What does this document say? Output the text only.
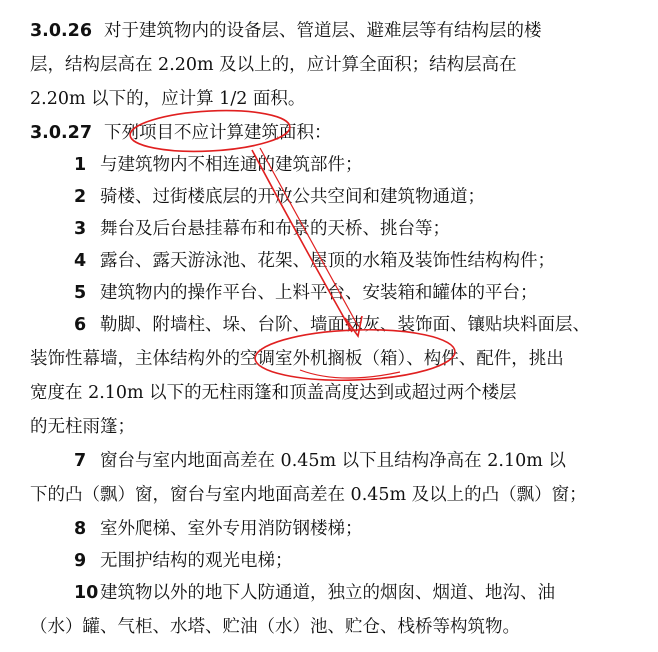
3.0.26 对于建筑物内的设备层、管道层、避难层等有结构层的楼
层，结构层高在 2.20m 及以上的，应计算全面积；结构层高在
2.20m 以下的，应计算 1/2 面积。
3.0.27 下列项目不应计算建筑面积：
1 与建筑物内不相连通的建筑部件；
2 骑楼、过街楼底层的开放公共空间和建筑物通道；
3 舞台及后台悬挂幕布和布景的天桥、挑台等；
4 露台、露天游泳池、花架、屋顶的水箱及装饰性结构构件；
5 建筑物内的操作平台、上料平台、安装箱和罐体的平台；
6 勒脚、附墙柱、垛、台阶、墙面抹灰、装饰面、镶贴块料面层、
装饰性幕墙，主体结构外的空调室外机搁板（箱）、构件、配件，挑出
宽度在 2.10m 以下的无柱雨篷和顶盖高度达到或超过两个楼层
的无柱雨篷；
7 窗台与室内地面高差在 0.45m 以下且结构净高在 2.10m 以
下的凸（飘）窗，窗台与室内地面高差在 0.45m 及以上的凸（飘）窗；
8 室外爬梯、室外专用消防钢楼梯；
9 无围护结构的观光电梯；
10建筑物以外的地下人防通道，独立的烟囱、烟道、地沟、油
（水）罐、气柜、水塔、贮油（水）池、贮仓、栈桥等构筑物。
